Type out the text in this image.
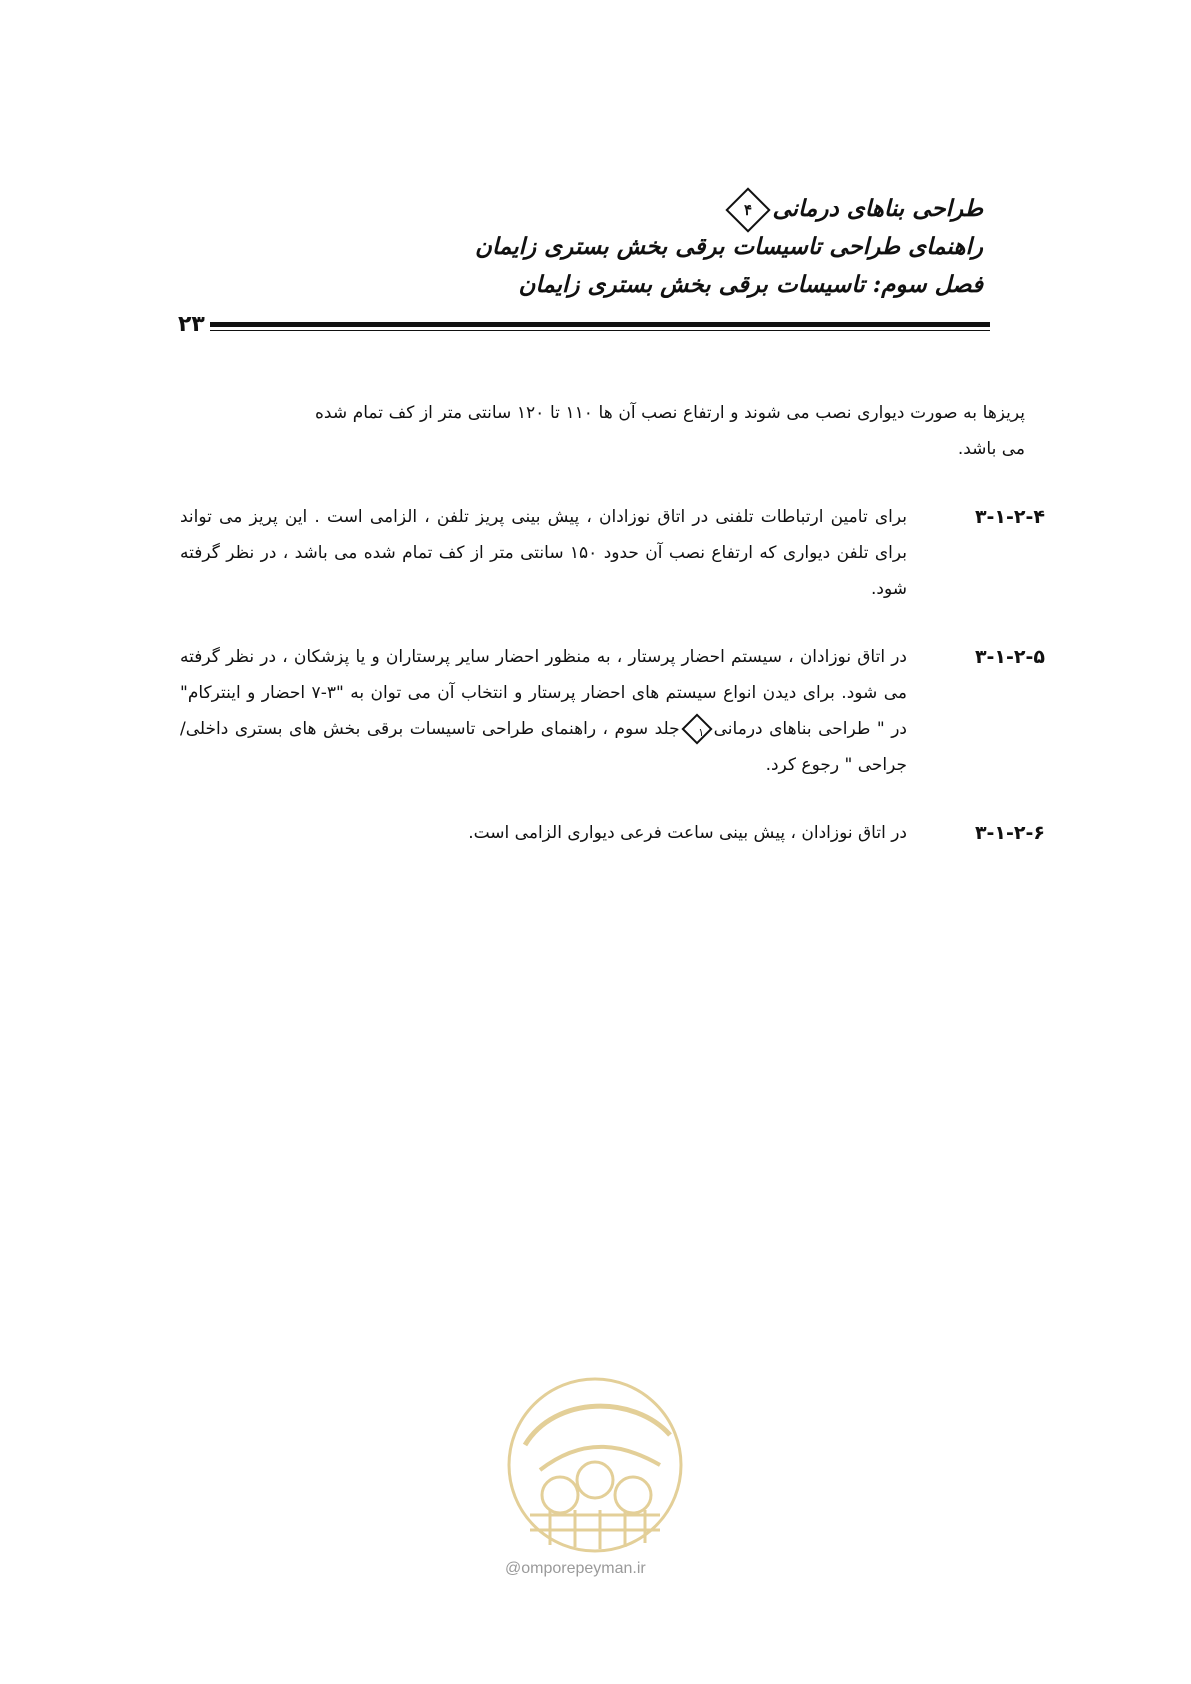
طراحی بناهای درمانی۴
راهنمای طراحی تاسیسات برقی بخش بستری زایمان
فصل سوم: تاسیسات برقی بخش بستری زایمان
۲۳
پریزها به صورت دیواری نصب می شوند و ارتفاع نصب آن ها ۱۱۰ تا ۱۲۰ سانتی متر از کف تمام شده می باشد.
۳-۱-۲-۴
برای تامین ارتباطات تلفنی در اتاق نوزادان ، پیش بینی پریز تلفن ، الزامی است . این پریز می تواند برای تلفن دیواری که ارتفاع نصب آن حدود ۱۵۰ سانتی متر از کف تمام شده می باشد ، در نظر گرفته شود.
۳-۱-۲-۵
در اتاق نوزادان ، سیستم احضار پرستار ، به منظور احضار سایر پرستاران و یا پزشکان ، در نظر گرفته می شود. برای دیدن انواع سیستم های احضار پرستار و انتخاب آن می توان به "۳-۷ احضار و اینترکام" در " طراحی بناهای درمانی۱جلد سوم ، راهنمای طراحی تاسیسات برقی بخش های بستری داخلی/جراحی " رجوع کرد.
۳-۱-۲-۶
در اتاق نوزادان ، پیش بینی ساعت فرعی دیواری الزامی است.
@omporepeyman.ir
